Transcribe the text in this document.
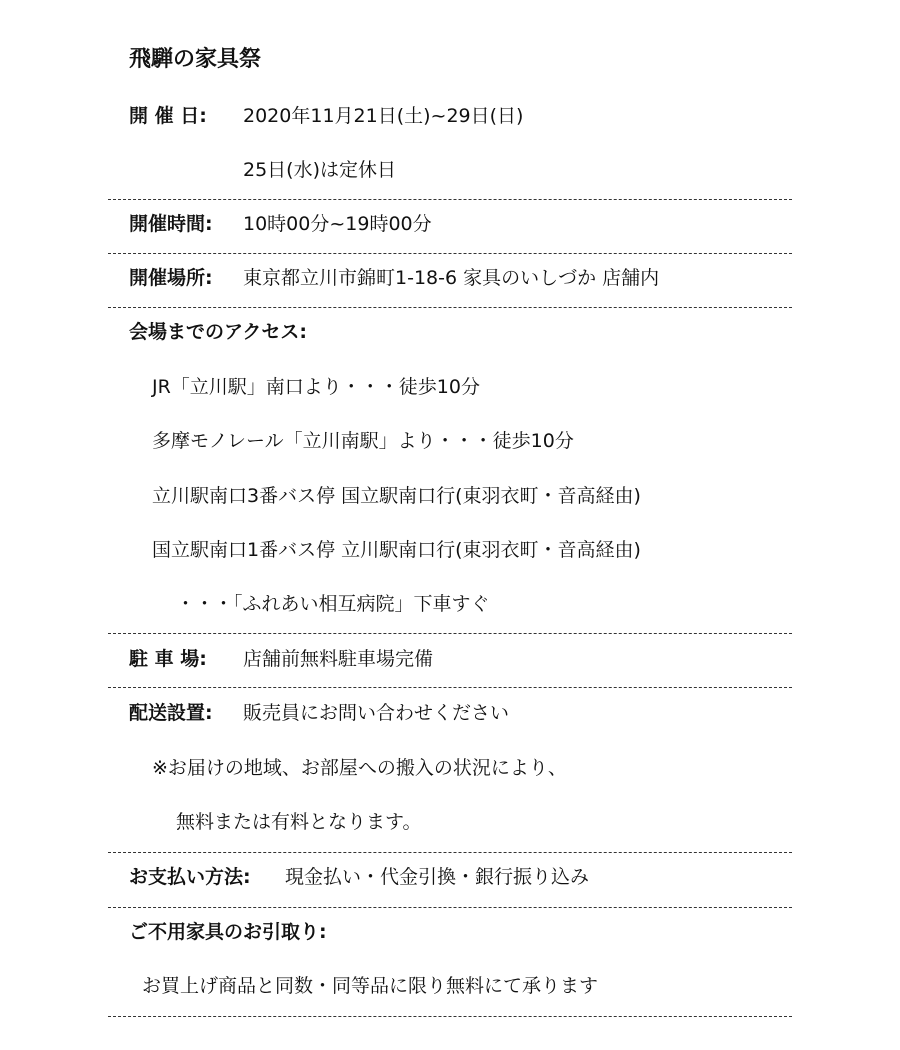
飛騨の家具祭
開 催 日: 2020年11月21日(土)~29日(日)
25日(水)は定休日
開催時間: 10時00分~19時00分
開催場所: 東京都立川市錦町1-18-6 家具のいしづか 店舗内
会場までのアクセス:
JR「立川駅」南口より・・・徒歩10分
多摩モノレール「立川南駅」より・・・徒歩10分
立川駅南口3番バス停 国立駅南口行(東羽衣町・音高経由)
国立駅南口1番バス停 立川駅南口行(東羽衣町・音高経由)
・・・「ふれあい相互病院」下車すぐ
駐 車 場: 店舗前無料駐車場完備
配送設置: 販売員にお問い合わせください
※お届けの地域、お部屋への搬入の状況により、
無料または有料となります。
お支払い方法: 現金払い・代金引換・銀行振り込み
ご不用家具のお引取り:
お買上げ商品と同数・同等品に限り無料にて承ります
